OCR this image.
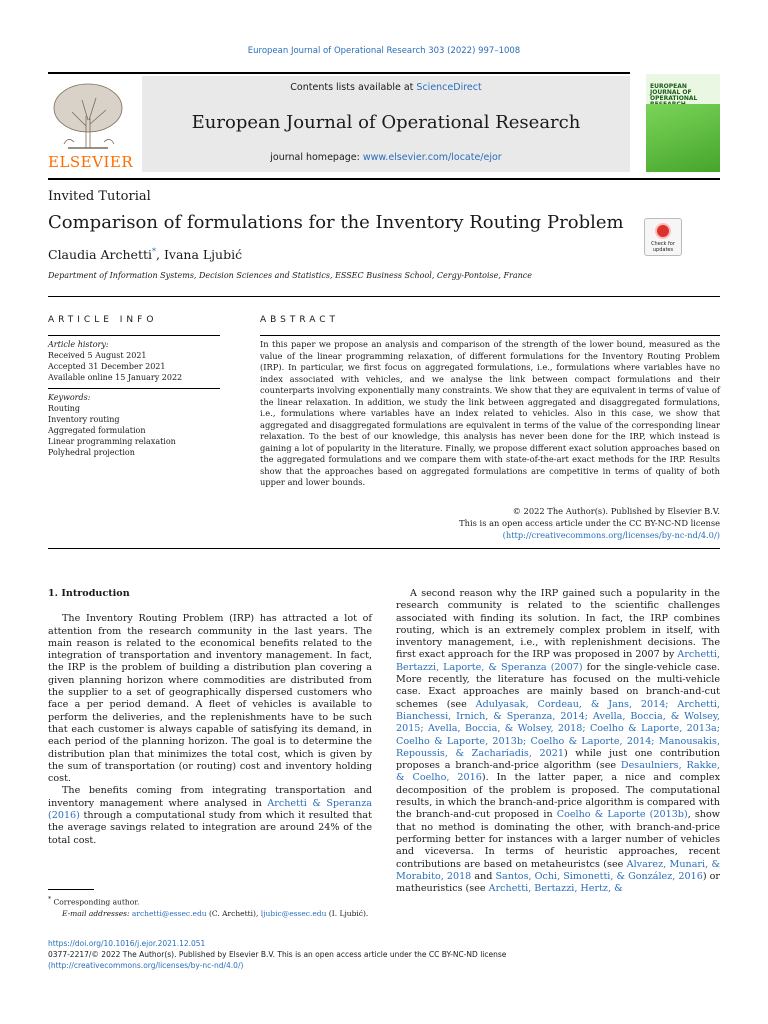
European Journal of Operational Research 303 (2022) 997–1008
ELSEVIER
Contents lists available at ScienceDirect
European Journal of Operational Research
journal homepage: www.elsevier.com/locate/ejor
EUROPEAN JOURNAL OF OPERATIONAL
Invited Tutorial
Comparison of formulations for the Inventory Routing Problem
Claudia Archetti*, Ivana Ljubić
Department of Information Systems, Decision Sciences and Statistics, ESSEC Business School, Cergy-Pontoise, France
Check for updates
ARTICLE INFO	ABSTRACT
Article history:
Received 5 August 2021
Accepted 31 December 2021
Available online 15 January 2022
Keywords:
Routing
Inventory routing
Aggregated formulation
Linear programming relaxation
Polyhedral projection
In this paper we propose an analysis and comparison of the strength of the lower bound, measured as the value of the linear programming relaxation, of different formulations for the Inventory Routing Problem (IRP). In particular, we first focus on aggregated formulations, i.e., formulations where variables have no index associated with vehicles, and we analyse the link between compact formulations and their counterparts involving exponentially many constraints. We show that they are equivalent in terms of value of the linear relaxation. In addition, we study the link between aggregated and disaggregated formulations, i.e., formulations where variables have an index related to vehicles. Also in this case, we show that aggregated and disaggregated formulations are equivalent in terms of the value of the corresponding linear relaxation. To the best of our knowledge, this analysis has never been done for the IRP, which instead is gaining a lot of popularity in the literature. Finally, we propose different exact solution approaches based on the aggregated formulations and we compare them with state-of-the-art exact methods for the IRP. Results show that the approaches based on aggregated formulations are competitive in terms of quality of both upper and lower bounds.
© 2022 The Author(s). Published by Elsevier B.V.
This is an open access article under the CC BY-NC-ND license
(http://creativecommons.org/licenses/by-nc-nd/4.0/)
1. Introduction

The Inventory Routing Problem (IRP) has attracted a lot of attention from the research community in the last years. The main reason is related to the economical benefits related to the integration of transportation and inventory management. In fact, the IRP is the problem of building a distribution plan covering a given planning horizon where commodities are distributed from the supplier to a set of geographically dispersed customers who face a per period demand. A fleet of vehicles is available to perform the deliveries, and the replenishments have to be such that each customer is always capable of satisfying its demand, in each period of the planning horizon. The goal is to determine the distribution plan that minimizes the total cost, which is given by the sum of transportation (or routing) cost and inventory holding cost.

The benefits coming from integrating transportation and inventory management where analysed in Archetti & Speranza (2016) through a computational study from which it resulted that the average savings related to integration are around 24% of the total cost.

A second reason why the IRP gained such a popularity in the research community is related to the scientific challenges associated with finding its solution. In fact, the IRP combines routing, which is an extremely complex problem in itself, with inventory management, i.e., with replenishment decisions. The first exact approach for the IRP was proposed in 2007 by Archetti, Bertazzi, Laporte, & Speranza (2007) for the single-vehicle case. More recently, the literature has focused on the multi-vehicle case. Exact approaches are mainly based on branch-and-cut schemes (see Adulyasak, Cordeau, & Jans, 2014; Archetti, Bianchessi, Irnich, & Speranza, 2014; Avella, Boccia, & Wolsey, 2015; Avella, Boccia, & Wolsey, 2018; Coelho & Laporte, 2013a; Coelho & Laporte, 2013b; Coelho & Laporte, 2014; Manousakis, Repoussis, & Zachariadis, 2021) while just one contribution proposes a branch-and-price algorithm (see Desaulniers, Rakke, & Coelho, 2016). In the latter paper, a nice and complex decomposition of the problem is proposed. The computational results, in which the branch-and-price algorithm is compared with the branch-and-cut proposed in Coelho & Laporte (2013b), show that no method is dominating the other, with branch-and-price performing better for instances with a larger number of vehicles and viceversa. In terms of heuristic approaches, recent contributions are based on metaheuristcs (see Alvarez, Munari, & Morabito, 2018 and Santos, Ochi, Simonetti, & González, 2016) or matheuristics (see Archetti, Bertazzi, Hertz, &

* Corresponding author.
E-mail addresses: archetti@essec.edu (C. Archetti), ljubic@essec.edu (I. Ljubić).
https://doi.org/10.1016/j.ejor.2021.12.051
0377-2217/© 2022 The Author(s). Published by Elsevier B.V. This is an open access article under the CC BY-NC-ND license
(http://creativecommons.org/licenses/by-nc-nd/4.0/)
